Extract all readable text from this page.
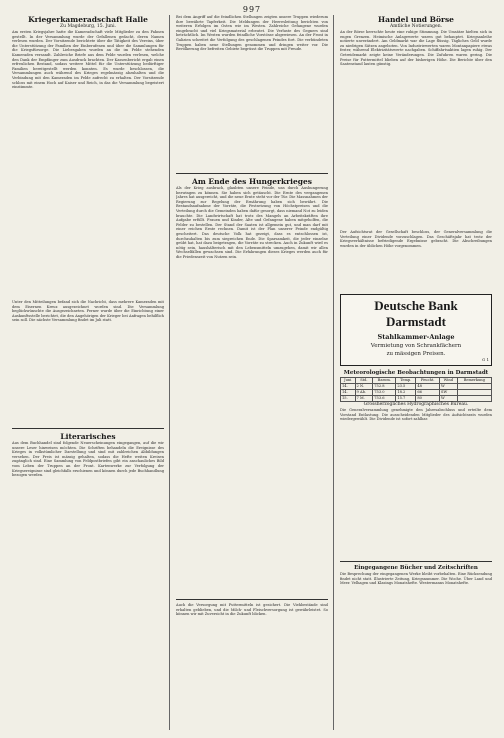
997
Kriegerkameradschaft Halle
Zu Magdeburg, 15. Juni.
Am ersten Kriegsjahre hatte die Kameradschaft viele Mitglieder zu den Fahnen gestellt. In der Versammlung wurde der Gefallenen gedacht, deren Namen verlesen wurden. Der Vorsitzende berichtete über die Tätigkeit des Vereins, über die Unterstützung der Familien der Einberufenen und über die Sammlungen für die Kriegsfürsorge. Die Liebesgaben wurden an die im Felde stehenden Kameraden versandt. Zahlreiche Briefe aus dem Felde wurden verlesen, welche den Dank der Empfänger zum Ausdruck brachten. Der Kassenbericht ergab einen erfreulichen Bestand, sodass weitere Mittel für die Unterstützung bedürftiger Familien bereitgestellt werden konnten. Es wurde beschlossen, die Versammlungen auch während des Krieges regelmässig abzuhalten und die Verbindung mit den Kameraden im Felde aufrecht zu erhalten. Der Vorsitzende schloss mit einem Hoch auf Kaiser und Reich, in das die Versammlung begeistert einstimmte.
Unter den Mitteilungen befand sich die Nachricht, dass mehrere Kameraden mit dem Eisernen Kreuz ausgezeichnet worden sind. Die Versammlung beglückwünschte die Ausgezeichneten. Ferner wurde über die Einrichtung einer Auskunftsstelle berichtet, die den Angehörigen der Krieger bei Anfragen behilflich sein soll. Die nächste Versammlung findet im Juli statt.
Literarisches
Aus dem Buchhandel sind folgende Neuerscheinungen eingegangen, auf die wir unsere Leser hinweisen möchten. Die Schriften behandeln die Ereignisse des Krieges in volkstümlicher Darstellung und sind mit zahlreichen Abbildungen versehen. Der Preis ist mässig gehalten, sodass die Hefte weiten Kreisen zugänglich sind. Eine Sammlung von Feldpostbriefen gibt ein anschauliches Bild vom Leben der Truppen an der Front. Kartenwerke zur Verfolgung der Kriegsereignisse sind gleichfalls erschienen und können durch jede Buchhandlung bezogen werden.
Bei dem Angriff auf die feindlichen Stellungen zeigten unsere Truppen wiederum ihre bewährte Tapferkeit. Die Meldungen der Heeresleitung berichten von weiteren Erfolgen im Osten wie im Westen. Zahlreiche Gefangene wurden eingebracht und viel Kriegsmaterial erbeutet. Die Verluste des Gegners sind beträchtlich. Im Westen wurden feindliche Vorstösse abgewiesen. An der Front in Galizien schreitet die Verfolgung des geschlagenen Feindes fort. Die verbündeten Truppen haben neue Stellungen genommen und dringen weiter vor. Die Bevölkerung der befreiten Gebiete begrüsst die Truppen mit Freude.
Am Ende des Hungerkrieges
Als der Krieg ausbrach, glaubten unsere Feinde, uns durch Aushungerung bezwingen zu können. Sie haben sich getäuscht. Die Ernte des vergangenen Jahres hat ausgereicht, und die neue Ernte steht vor der Tür. Die Massnahmen der Regierung zur Regelung der Ernährung haben sich bewährt. Die Bestandsaufnahme der Vorräte, die Festsetzung von Höchstpreisen und die Verteilung durch die Gemeinden haben dafür gesorgt, dass niemand Not zu leiden brauchte. Die Landwirtschaft hat trotz des Mangels an Arbeitskräften ihre Aufgabe erfüllt. Frauen und Kinder, Alte und Gefangene haben mitgeholfen, die Felder zu bestellen. Der Stand der Saaten ist allgemein gut, und man darf mit einer reichen Ernte rechnen. Damit ist der Plan unserer Feinde endgültig gescheitert. Das deutsche Volk hat gezeigt, dass es entschlossen ist, durchzuhalten bis zum siegreichen Ende. Die Sparsamkeit, die jeder einzelne geübt hat, hat dazu beigetragen, die Vorräte zu strecken. Auch in Zukunft wird es nötig sein, haushälterisch mit den Lebensmitteln umzugehen, damit wir allen Wechselfällen gewachsen sind. Die Erfahrungen dieses Krieges werden auch für die Friedenszeit von Nutzen sein.
Auch die Versorgung mit Futtermitteln ist gesichert. Die Viehbestände sind erhalten geblieben, und die Milch- und Fleischversorgung ist gewährleistet. So können wir mit Zuversicht in die Zukunft blicken.
Handel und Börse
Amtliche Notierungen.
An der Börse herrschte heute eine ruhige Stimmung. Die Umsätze hielten sich in engen Grenzen. Heimische Anlagewerte waren gut behauptet. Kriegsanleihe notierte unverändert. Am Geldmarkt war die Lage flüssig. Tägliches Geld wurde zu niedrigen Sätzen angeboten. Von Industriewerten waren Montanpapiere etwas fester, während Elektrizitätswerte nachgaben. Schiffahrtsaktien lagen ruhig. Der Getreidemarkt zeigte keine Veränderungen. Die Zufuhren waren gering. Die Preise für Futtermittel blieben auf der bisherigen Höhe. Die Berichte über den Saatenstand lauten günstig.
Der Aufsichtsrat der Gesellschaft beschloss, der Generalversammlung die Verteilung einer Dividende vorzuschlagen. Das Geschäftsjahr hat trotz der Kriegsverhältnisse befriedigende Ergebnisse gebracht. Die Abschreibungen wurden in der üblichen Höhe vorgenommen.
Deutsche Bank Darmstadt
Stahlkammer-Anlage
Vermietung von Schrankfächern
zu mässigen Preisen.
G 1
Meteorologische Beobachtungen in Darmstadt
Juni	Std.	Barom.	Temp.	Feucht.	Wind	Bemerkung
14.	2 N.	752.8	23.5	48	W	
14.	9 Ab.	753.0	18.2	66	SW	
15.	7 M.	753.6	15.7	80	W	
Grossherzogliches Hydrographisches Bureau.
Die Generalversammlung genehmigte den Jahresabschluss und erteilte dem Vorstand Entlastung. Die ausscheidenden Mitglieder des Aufsichtsrats wurden wiedergewählt. Die Dividende ist sofort zahlbar.
Eingegangene Bücher und Zeitschriften
Die Besprechung der eingegangenen Werke bleibt vorbehalten. Eine Rücksendung findet nicht statt. Illustrierte Zeitung, Kriegsnummer. Die Woche. Über Land und Meer. Velhagen und Klasings Monatshefte. Westermanns Monatshefte.
